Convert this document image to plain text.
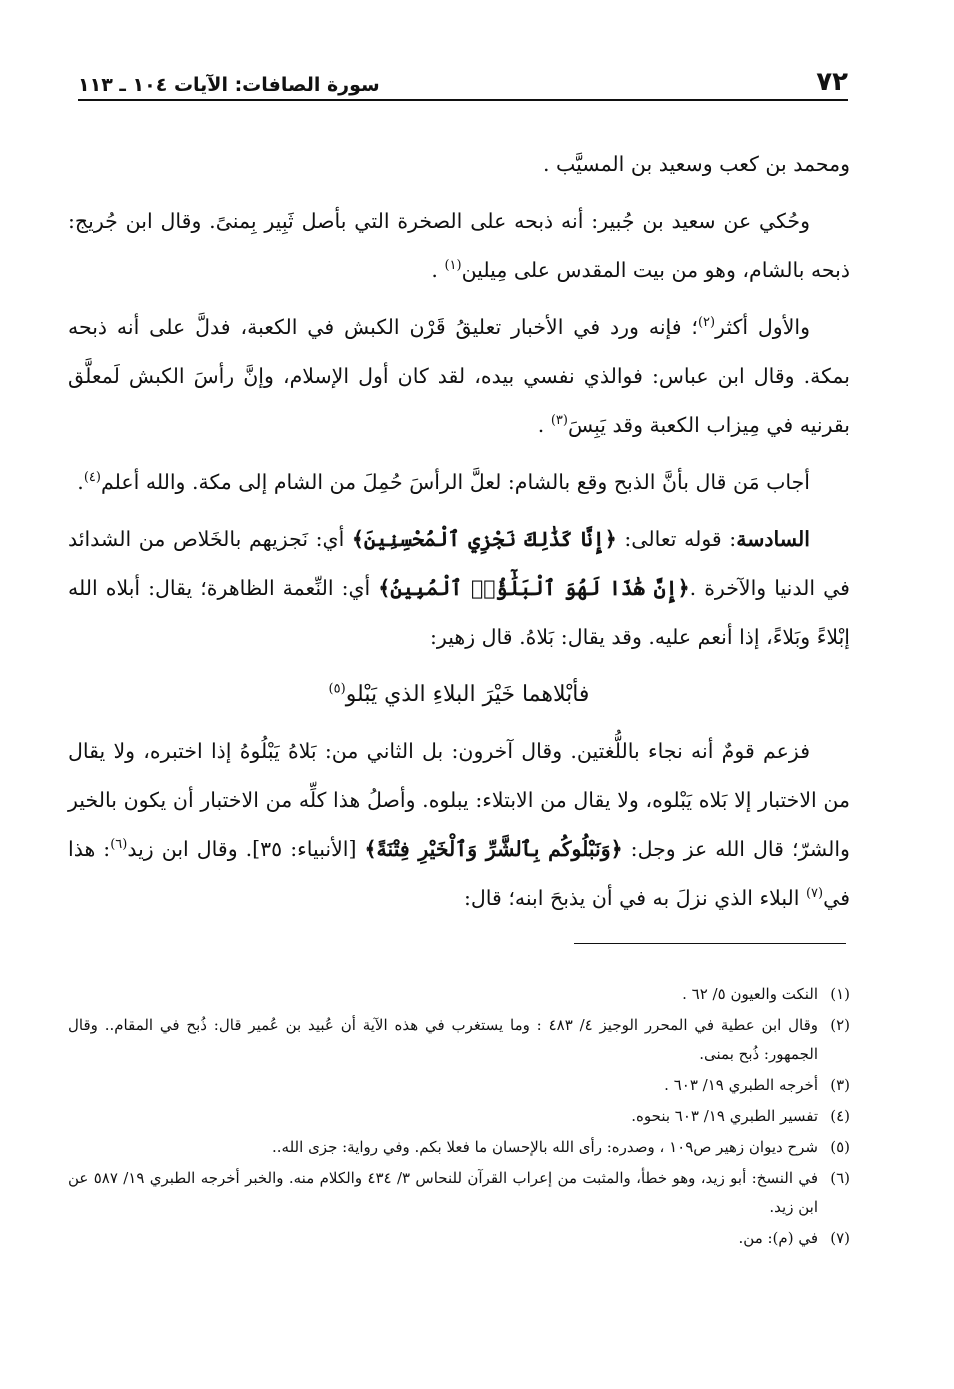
٧٢
سورة الصافات: الآيات ١٠٤ ـ ١١٣

ومحمد بن كعب وسعيد بن المسيَّب .

وحُكي عن سعيد بن جُبير: أنه ذبحه على الصخرة التي بأصل ثَبِير بِمنىً. وقال ابن جُريج: ذبحه بالشام، وهو من بيت المقدس على مِيلين$^{(١)}$ .

والأول أكثر$^{(٢)}$؛ فإنه ورد في الأخبار تعليقُ قَرْن الكبش في الكعبة، فدلَّ على أنه ذبحه بمكة. وقال ابن عباس: فوالذي نفسي بيده، لقد كان أول الإسلام، وإنَّ رأسَ الكبش لَمعلَّق بقرنيه في مِيزاب الكعبة وقد يَبِسَ$^{(٣)}$ .

أجاب مَن قال بأنَّ الذبح وقع بالشام: لعلَّ الرأسَ حُمِلَ من الشام إلى مكة. والله أعلم$^{(٤)}$.

السادسة: قوله تعالى: ﴿إِنَّا كَذَٰلِكَ نَجْزِي ٱلْمُحْسِنِينَ﴾ أي: نَجزيهم بالخَلاص من الشدائد في الدنيا والآخرة .﴿إِنَّ هَٰذَا لَهُوَ ٱلْبَلَٰٓؤُا۟ ٱلْمُبِينُ﴾ أي: النِّعمة الظاهرة؛ يقال: أبلاه الله إبْلاءً وبَلاءً، إذا أنعم عليه. وقد يقال: بَلاهُ. قال زهير:

فأبْلاهما خَيْرَ البلاءِ الذي يَبْلو$^{(٥)}$

فزعم قومٌ أنه نجاء باللُّغتين. وقال آخرون: بل الثاني من: بَلاهُ يَبْلُوهُ إذا اختبره، ولا يقال من الاختبار إلا بَلاه يَبْلوه، ولا يقال من الابتلاء: يبلوه. وأصلُ هذا كلِّه من الاختبار أن يكون بالخير والشرّ؛ قال الله عز وجل: ﴿وَنَبْلُوكُم بِٱلشَّرِّ وَٱلْخَيْرِ فِتْنَةً﴾ [الأنبياء: ٣٥]. وقال ابن زيد$^{(٦)}$: هذا في$^{(٧)}$ البلاء الذي نزلَ به في أن يذبحَ ابنه؛ قال:

(١)
النكت والعيون ٥/ ٦٢ .
(٢)
وقال ابن عطية في المحرر الوجيز ٤/ ٤٨٣ : وما يستغرب في هذه الآية أن عُبيد بن عُمير قال: ذُبح في المقام.. وقال الجمهور: ذُبح بمنى.
(٣)
أخرجه الطبري ١٩/ ٦٠٣ .
(٤)
تفسير الطبري ١٩/ ٦٠٣ بنحوه.
(٥)
شرح ديوان زهير ص١٠٩ ، وصدره: رأى الله بالإحسان ما فعلا بكم. وفي رواية: جزى الله..
(٦)
في النسخ: أبو زيد، وهو خطأ، والمثبت من إعراب القرآن للنحاس ٣/ ٤٣٤ والكلام منه. والخبر أخرجه الطبري ١٩/ ٥٨٧ عن ابن زيد.
(٧)
في (م): من.
